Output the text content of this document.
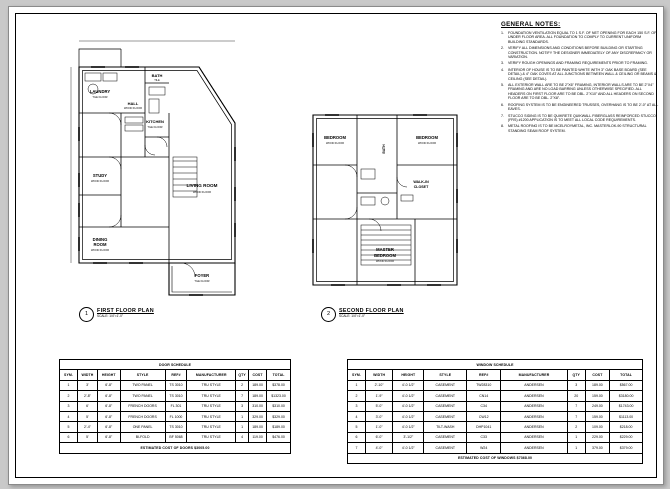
GENERAL NOTES:
1. FOUNDATION VENTILATION EQUAL TO 1 S.F. OF NET OPENING FOR EACH 150 S.F. OF UNDER FLOOR AREA. ALL FOUNDATION TO COMPLY TO CURRENT UNIFORM BUILDING STANDARDS.
2. VERIFY ALL DIMENSIONS AND CONDITIONS BEFORE BUILDING OR STARTING CONSTRUCTION. NOTIFY THE DESIGNER IMMEDIATELY OF ANY DISCREPANCY OR VARIATION.
3. VERIFY ROUGH OPENINGS AND FRAMING REQUIREMENTS PRIOR TO FRAMING.
4. INTERIOR OF HOUSE IS TO BE PAINTED WHITE WITH 3" OAK BASE BOARD (SEE DETAIL) & 4" OAK COVES AT ALL JUNCTIONS BETWEEN WALL & CEILING OR BEAMS & CEILING (SEE DETAIL).
5. ALL EXTERIOR WALL ARE TO BE 2"X6" FRAMING, INTERIOR WALLS ARE TO BE 2"X4" FRAMING AND ARE NO LOAD BARRING UNLESS OTHERWISE SPECIFIED. ALL HEADERS ON FIRST FLOOR ARE TO BE DBL. 2"X10" AND ALL HEADERS ON SECOND FLOOR ARE TO BE DBL. 2"X8".
6. ROOFING SYSTEM IS TO BE ENGINEERED TRUSSES, OVERHANG IS TO BE 2'-0" AT ALL EAVES.
7. STUCCO SIDING IS TO BE QUIKRETE QUIKWALL FIBERGLASS REINFORCED STUCCO (FRS) #1200 APPLICATION IS TO MEET ALL LOCAL CODE REQUIREMENTS.
8. METAL ROOFING IS TO BE MCELROYMETAL, INC. MASTERLOK-90 STRUCTURAL STANDING SEAM ROOF SYSTEM.
LAUNDRY
TILE FLOOR
BATH
TILE
HALL
WOOD FLOOR
KITCHEN
TILE FLOOR
LIVING ROOM
WOOD FLOOR
STUDY
WOOD FLOOR
DINING
ROOM
WOOD FLOOR
FOYER
TILE FLOOR
1	FIRST FLOOR PLAN
SCALE: 1/4"=1'-0"
BEDROOM
WOOD FLOOR
BEDROOM
WOOD FLOOR
WALK-IN
CLOSET
BATH
MASTER
BEDROOM
WOOD FLOOR
2	SECOND FLOOR PLAN
SCALE: 1/4"=1'-0"
DOOR SCHEDULE								
SYM.	WIDTH	HEIGHT	STYLE	REF#	MANUFACTURER	QTY	COST	TOTAL
1	3'	6'-8"	TWO PANEL	TS 3010	TRU STYLE	2	189.00	$378.00
2	2'-8"	6'-8"	TWO PANEL	TS 3010	TRU STYLE	7	189.00	$1323.00
3	6'	6'-8"	FRENCH DOORS	FL 301	TRU STYLE	3	310.00	$310.00
4	5'	6'-8"	FRENCH DOORS	FL 1000	TRU STYLE	1	329.00	$329.00
5	2'-4"	6'-8"	ONE PANEL	TS 3010	TRU STYLE	1	189.00	$189.00
6	5'	6'-8"	BI-FOLD	BF 5068	TRU STYLE	4	119.00	$476.00
ESTIMATED COST OF DOORS $3005.00								
WINDOW SCHEDULE								
SYM.	WIDTH	HEIGHT	STYLE	REF#	MANUFACTURER	QTY	COST	TOTAL
1	2'-10"	4'-0 1/2"	CASEMENT	TW28310	ANDERSEN	3	189.00	$567.00
2	1'-9"	4'-0 1/2"	CASEMENT	CN14	ANDERSEN	20	159.00	$3180.00
3	5'-0"	4'-0 1/2"	CASEMENT	C34	ANDERSEN	7	249.00	$1743.00
4	3'-0"	4'-0 1/2"	CASEMENT	CW12	ANDERSEN	7	159.00	$1113.00
5	1'-0"	4'-0 1/2"	TILT-WASH	DHP1041	ANDERSEN	2	109.00	$218.00
6	6'-0"	3'-1/2"	CASEMENT	C33	ANDERSEN	1	229.00	$229.00
7	4'-0"	4'-0 1/2"	CASEMENT	W24	ANDERSEN	1	379.00	$379.00
ESTIMATED COST OF WINDOWS $7368.00								
